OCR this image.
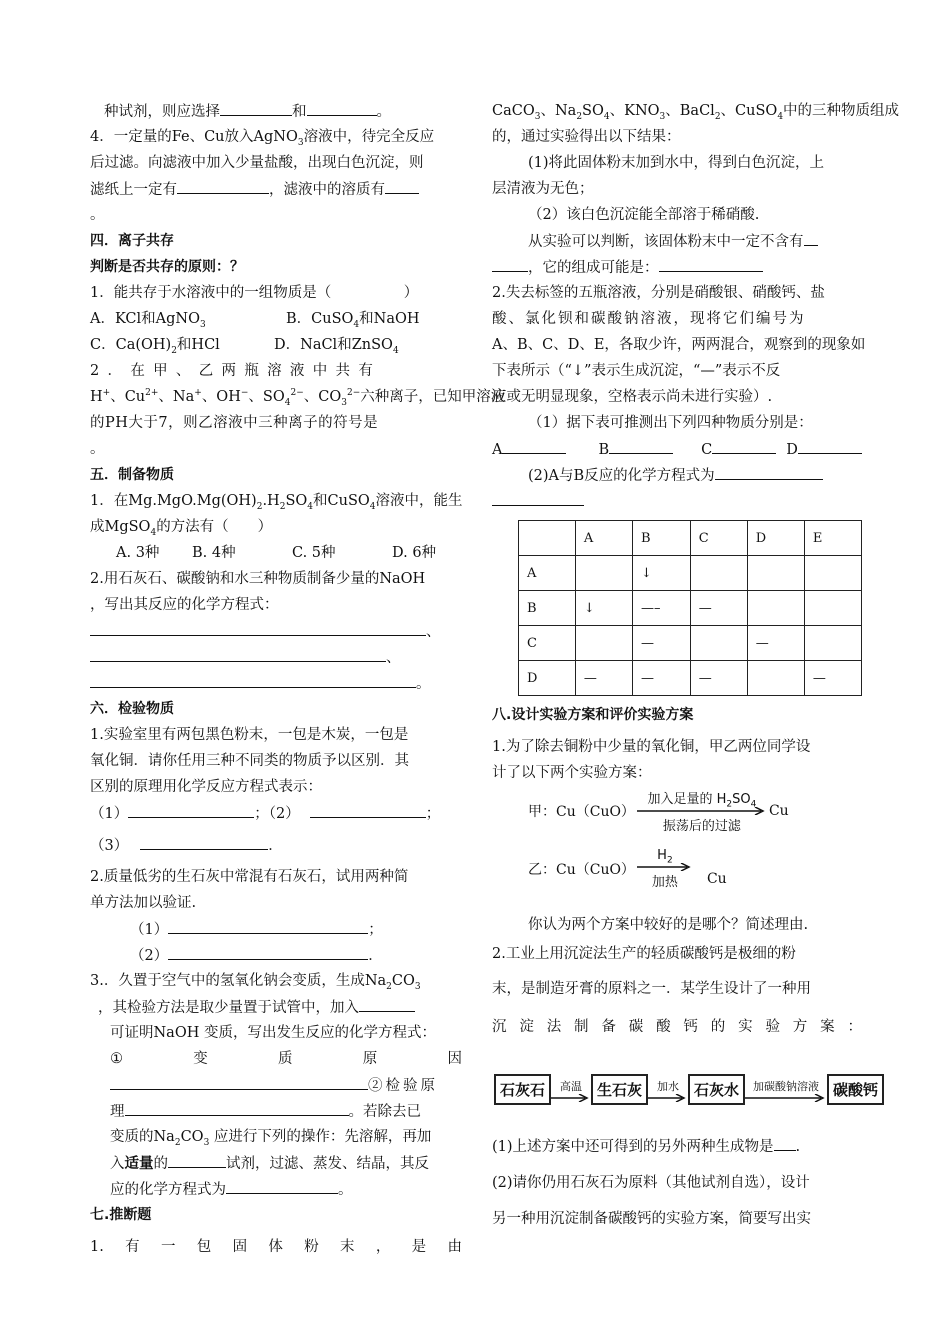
种试剂，则应选择	和	。
4．一定量的Fe、Cu放入AgNO$_3$溶液中，待完全反应
后过滤。向滤液中加入少量盐酸，出现白色沉淀，则
滤纸上一定有	，滤液中的溶质有
。
四．离子共存
判断是否共存的原则：？
1．能共存于水溶液中的一组物质是（　　　　　）
A．KCl和AgNO$_3$	B．CuSO$_4$和NaOH
C．$Ca(OH)_2$和HCl	D．NaCl和ZnSO$_4$
2．在甲、乙两瓶溶液中共有
H+、$Cu^{2+}$、Na+、OH−、$SO_4^{2-}$、$CO_3^{2-}$六种离子，已知甲溶液
的PH大于7，则乙溶液中三种离子的符号是
。
五．制备物质
1．在$Mg.MgO.Mg(OH)_2.H_2SO_4$和CuSO$_4$溶液中，能生
成MgSO$_4$的方法有（　　）
A. 3种 B. 4种	C. 5种	D. 6种
2.用石灰石、碳酸钠和水三种物质制备少量的NaOH
，写出其反应的化学方程式：
、
、
。
六．检验物质
1.实验室里有两包黑色粉末，一包是木炭，一包是
氧化铜．请你任用三种不同类的物质予以区别．其
区别的原理用化学反应方程式表示：
（1）	；（2）	；
（3）	．
2.质量低劣的生石灰中常混有石灰石，试用两种简
单方法加以验证.
（1）	；
（2）	．
3.．久置于空气中的氢氧化钠会变质，生成$Na_2CO_3$
，其检验方法是取少量置于试管中，加入
可证明NaOH 变质，写出发生反应的化学方程式：
①	变	质	原	因
②检验原
理	。若除去已
变质的$Na_2CO_3$ 应进行下列的操作：先溶解，再加
入适量的	试剂，过滤、蒸发、结晶，其反
应的化学方程式为	。
七.推断题
1. 有 一 包 固 体 粉 末 ， 是 由
CaCO$_3$、$Na_2SO_4$、$KNO_3$、BaCl$_2$、CuSO$_4$中的三种物质组成
的，通过实验得出以下结果：
(1)将此固体粉末加到水中，得到白色沉淀，上
层清液为无色；
（2）该白色沉淀能全部溶于稀硝酸.
从实验可以判断，该固体粉末中一定不含有
，它的组成可能是：
2.失去标签的五瓶溶液，分别是硝酸银、硝酸钙、盐
酸、氯化钡和碳酸钠溶液，现将它们编号为
A、B、C、D、E，各取少许，两两混合，观察到的现象如
下表所示（“↓”表示生成沉淀，“—”表示不反
应或无明显现象，空格表示尚未进行实验）.
（1）据下表可推测出下列四种物质分别是：
A	B	C	D
(2)A与B反应的化学方程式为
	A	B	C	D	E
A		↓			
B	↓	—–	—		
C		—		—	
D	—	—	—		—
八.设计实验方案和评价实验方案
1.为了除去铜粉中少量的氧化铜，甲乙两位同学设
计了以下两个实验方案：
甲：Cu（CuO）
加入足量的 $H_2SO_4$
振荡后的过滤
Cu
乙：Cu（CuO）
$H_2$
加热 Cu
你认为两个方案中较好的是哪个？简述理由.
2.工业上用沉淀法生产的轻质碳酸钙是极细的粉
末，是制造牙膏的原料之一．某学生设计了一种用
沉 淀 法 制 备 碳 酸 钙 的 实 验 方 案 ：
石灰石	高温	生石灰	加水	石灰水	加碳酸钠溶液 碳酸钙
(1)上述方案中还可得到的另外两种生成物是 .
(2)请你仍用石灰石为原料（其他试剂自选），设计
另一种用沉淀制备碳酸钙的实验方案，简要写出实
